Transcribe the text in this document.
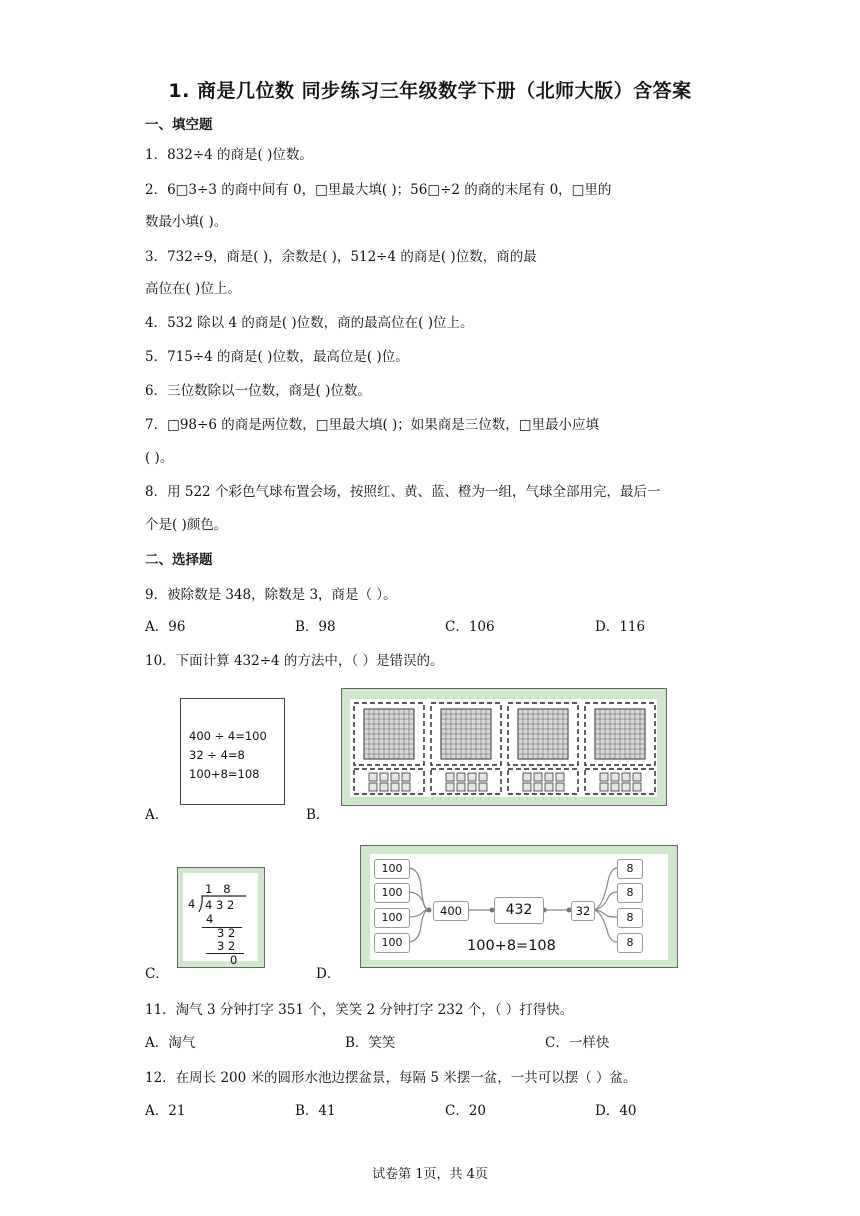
1. 商是几位数 同步练习三年级数学下册（北师大版）含答案
一、填空题
1．832÷4 的商是( )位数。
2．6□3÷3 的商中间有 0，□里最大填( )；56□÷2 的商的末尾有 0，□里的
数最小填( )。
3．732÷9，商是( )，余数是( )，512÷4 的商是( )位数，商的最
高位在( )位上。
4．532 除以 4 的商是( )位数，商的最高位在( )位上。
5．715÷4 的商是( )位数，最高位是( )位。
6．三位数除以一位数，商是( )位数。
7．□98÷6 的商是两位数，□里最大填( )；如果商是三位数，□里最小应填
( )。
8．用 522 个彩色气球布置会场，按照红、黄、蓝、橙为一组，气球全部用完，最后一
个是( )颜色。
二、选择题
9．被除数是 348，除数是 3，商是（ ）。
A．96	B．98	C．106	D．116
10．下面计算 432÷4 的方法中，（ ）是错误的。
400 ÷ 4=100
32 ÷ 4=8
100+8=108
A．	B．
1   8
4 4 3 2
4
3 2
3 2
0
C．
100
100
100
100
400	432	32
8
8
8
8
100+8=108
D．
11．淘气 3 分钟打字 351 个，笑笑 2 分钟打字 232 个，（ ）打得快。
A．淘气	B．笑笑	C．一样快
12．在周长 200 米的圆形水池边摆盆景，每隔 5 米摆一盆，一共可以摆（ ）盆。
A．21	B．41	C．20	D．40
试卷第 1页，共 4页
